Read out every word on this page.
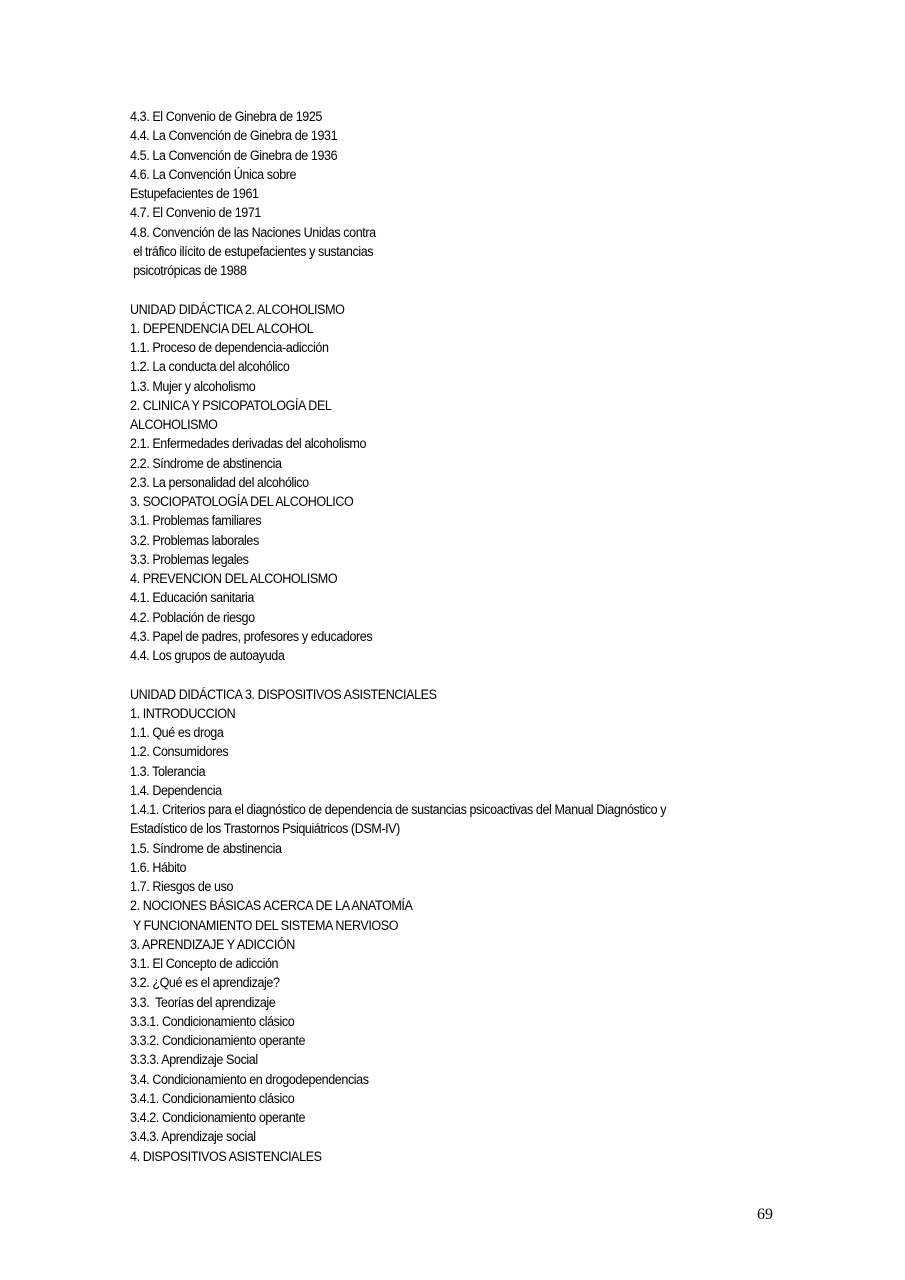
4.3. El Convenio de Ginebra de 1925
4.4. La Convención de Ginebra de 1931
4.5. La Convención de Ginebra de 1936
4.6. La Convención Única sobre
Estupefacientes de 1961
4.7. El Convenio de 1971
4.8. Convención de las Naciones Unidas contra
el tráfico ilícito de estupefacientes y sustancias
psicotrópicas de 1988
UNIDAD DIDÁCTICA 2. ALCOHOLISMO
1. DEPENDENCIA DEL ALCOHOL
1.1. Proceso de dependencia-adicción
1.2. La conducta del alcohólico
1.3. Mujer y alcoholismo
2. CLINICA Y PSICOPATOLOGÍA DEL
ALCOHOLISMO
2.1. Enfermedades derivadas del alcoholismo
2.2. Síndrome de abstinencia
2.3. La personalidad del alcohólico
3. SOCIOPATOLOGÍA DEL ALCOHOLICO
3.1. Problemas familiares
3.2. Problemas laborales
3.3. Problemas legales
4. PREVENCION DEL ALCOHOLISMO
4.1. Educación sanitaria
4.2. Población de riesgo
4.3. Papel de padres, profesores y educadores
4.4. Los grupos de autoayuda
UNIDAD DIDÁCTICA 3. DISPOSITIVOS ASISTENCIALES
1. INTRODUCCION
1.1. Qué es droga
1.2. Consumidores
1.3. Tolerancia
1.4. Dependencia
1.4.1. Criterios para el diagnóstico de dependencia de sustancias psicoactivas del Manual Diagnóstico y
Estadístico de los Trastornos Psiquiátricos (DSM-IV)
1.5. Síndrome de abstinencia
1.6. Hábito
1.7. Riesgos de uso
2. NOCIONES BÁSICAS ACERCA DE LA ANATOMÍA
Y FUNCIONAMIENTO DEL SISTEMA NERVIOSO
3. APRENDIZAJE Y ADICCIÓN
3.1. El Concepto de adicción
3.2. ¿Qué es el aprendizaje?
3.3.  Teorías del aprendizaje
3.3.1. Condicionamiento clásico
3.3.2. Condicionamiento operante
3.3.3. Aprendizaje Social
3.4. Condicionamiento en drogodependencias
3.4.1. Condicionamiento clásico
3.4.2. Condicionamiento operante
3.4.3. Aprendizaje social
4. DISPOSITIVOS ASISTENCIALES
69
